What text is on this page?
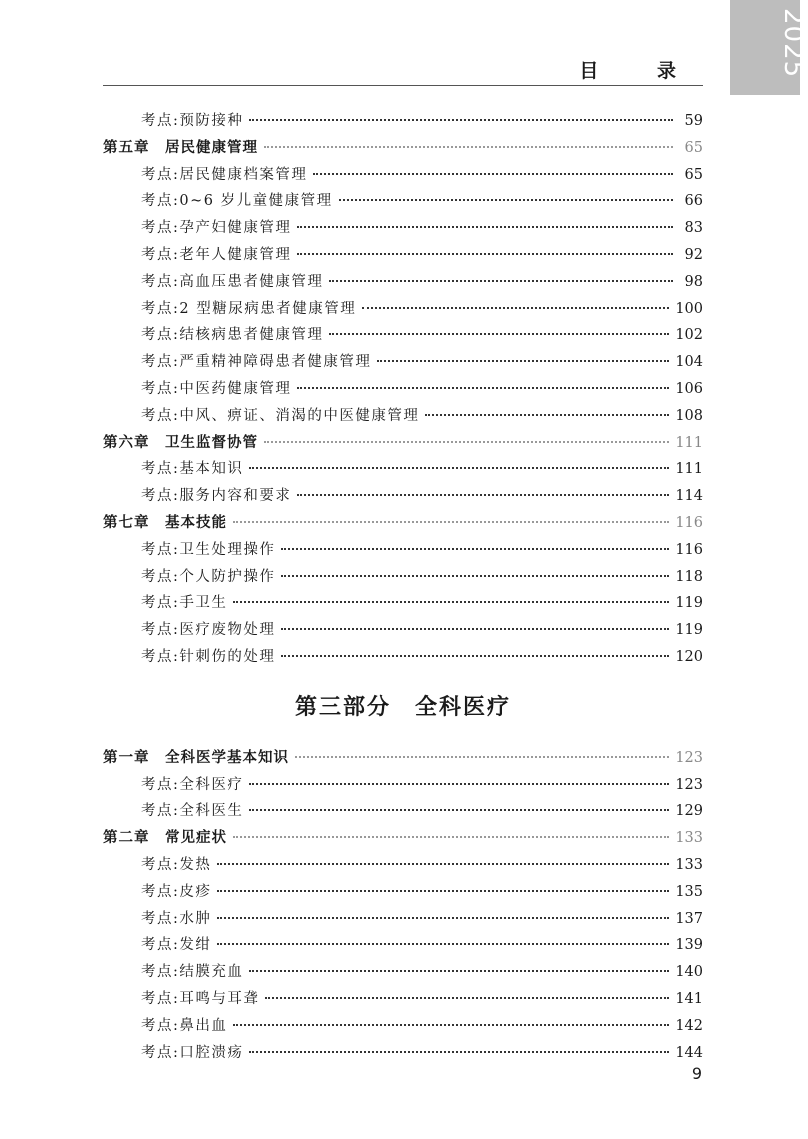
2025
目 录
考点:预防接种	59
第五章　居民健康管理	65
考点:居民健康档案管理	65
考点:0~6 岁儿童健康管理	66
考点:孕产妇健康管理	83
考点:老年人健康管理	92
考点:高血压患者健康管理	98
考点:2 型糖尿病患者健康管理	100
考点:结核病患者健康管理	102
考点:严重精神障碍患者健康管理	104
考点:中医药健康管理	106
考点:中风、痹证、消渴的中医健康管理	108
第六章　卫生监督协管	111
考点:基本知识	111
考点:服务内容和要求	114
第七章　基本技能	116
考点:卫生处理操作	116
考点:个人防护操作	118
考点:手卫生	119
考点:医疗废物处理	119
考点:针刺伤的处理	120
第三部分　全科医疗
第一章　全科医学基本知识	123
考点:全科医疗	123
考点:全科医生	129
第二章　常见症状	133
考点:发热	133
考点:皮疹	135
考点:水肿	137
考点:发绀	139
考点:结膜充血	140
考点:耳鸣与耳聋	141
考点:鼻出血	142
考点:口腔溃疡	144
9
